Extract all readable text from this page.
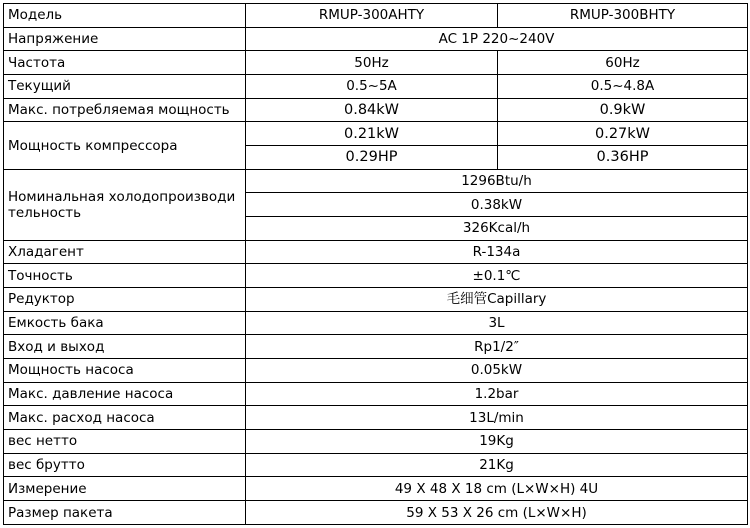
Модель	RMUP-300AHTY	RMUP-300BHTY
Напряжение	AC 1P 220~240V	
Частота	50Hz	60Hz
Текущий	0.5~5A	0.5~4.8A
Макс. потребляемая мощность	0.84kW	0.9kW
Мощность компрессора	0.21kW	0.27kW
	0.29HP	0.36HP
Номинальная холодопроизводительность	1296Btu/h	
	0.38kW	
	326Kcal/h	
Хладагент	R-134a	
Точность	±0.1℃	
Редуктор	毛细管Capillary	
Емкость бака	3L	
Вход и выход	Rp1/2″	
Мощность насоса	0.05kW	
Макс. давление насоса	1.2bar	
Макс. расход насоса	13L/min	
вес нетто	19Kg	
вес брутто	21Kg	
Измерение	49 X 48 X 18 cm (L×W×H) 4U	
Размер пакета	59 X 53 X 26 cm (L×W×H)	
